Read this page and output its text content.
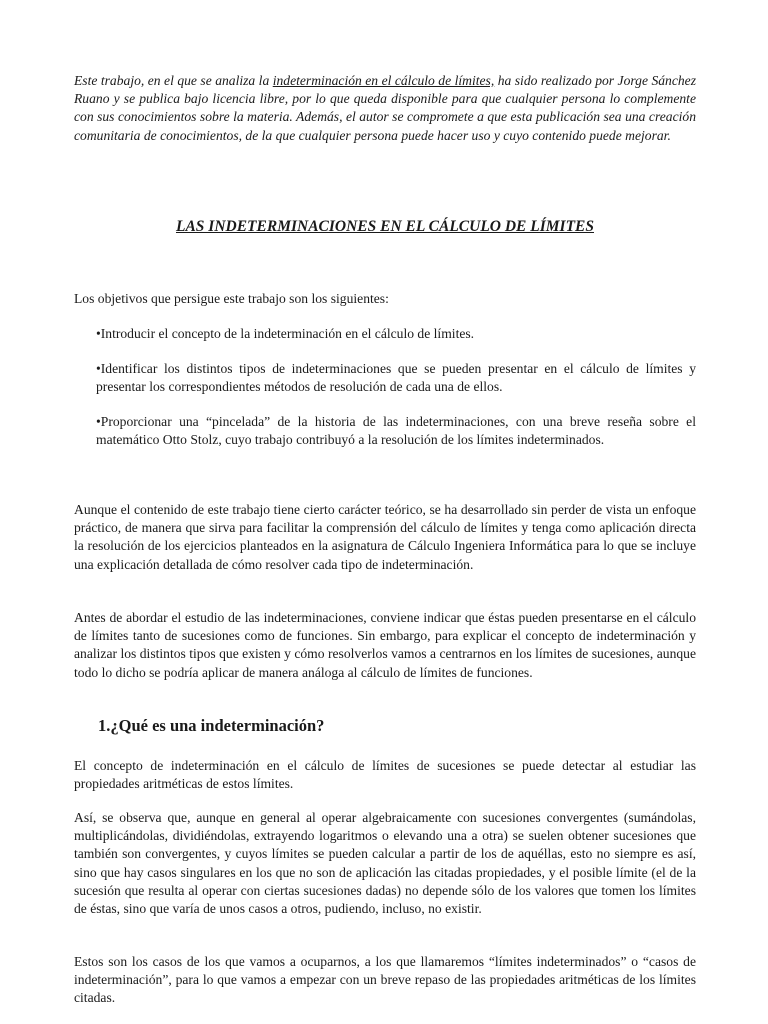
Este trabajo, en el que se analiza la indeterminación en el cálculo de límites, ha sido realizado por Jorge Sánchez Ruano y se publica bajo licencia libre, por lo que queda disponible para que cualquier persona lo complemente con sus conocimientos sobre la materia. Además, el autor se compromete a que esta publicación sea una creación comunitaria de conocimientos, de la que cualquier persona puede hacer uso y cuyo contenido puede mejorar.

LAS INDETERMINACIONES EN EL CÁLCULO DE LÍMITES

Los objetivos que persigue este trabajo son los siguientes:

•Introducir el concepto de la indeterminación en el cálculo de límites.

•Identificar los distintos tipos de indeterminaciones que se pueden presentar en el cálculo de límites y presentar los correspondientes métodos de resolución de cada una de ellos.

•Proporcionar una “pincelada” de la historia de las indeterminaciones, con una breve reseña sobre el matemático Otto Stolz, cuyo trabajo contribuyó a la resolución de los límites indeterminados.

Aunque el contenido de este trabajo tiene cierto carácter teórico, se ha desarrollado sin perder de vista un enfoque práctico, de manera que sirva para facilitar la comprensión del cálculo de límites y tenga como aplicación directa la resolución de los ejercicios planteados en la asignatura de Cálculo Ingeniera Informática para lo que se incluye una explicación detallada de cómo resolver cada tipo de indeterminación.

Antes de abordar el estudio de las indeterminaciones, conviene indicar que éstas pueden presentarse en el cálculo de límites tanto de sucesiones como de funciones. Sin embargo, para explicar el concepto de indeterminación y analizar los distintos tipos que existen y cómo resolverlos vamos a centrarnos en los límites de sucesiones, aunque todo lo dicho se podría aplicar de manera análoga al cálculo de límites de funciones.

1.¿Qué es una indeterminación?

El concepto de indeterminación en el cálculo de límites de sucesiones se puede detectar al estudiar las propiedades aritméticas de estos límites.

Así, se observa que, aunque en general al operar algebraicamente con sucesiones convergentes (sumándolas, multiplicándolas, dividiéndolas, extrayendo logaritmos o elevando una a otra) se suelen obtener sucesiones que también son convergentes, y cuyos límites se pueden calcular a partir de los de aquéllas, esto no siempre es así, sino que hay casos singulares en los que no son de aplicación las citadas propiedades, y el posible límite (el de la sucesión que resulta al operar con ciertas sucesiones dadas) no depende sólo de los valores que tomen los límites de éstas, sino que varía de unos casos a otros, pudiendo, incluso, no existir.

Estos son los casos de los que vamos a ocuparnos, a los que llamaremos “límites indeterminados” o “casos de indeterminación”, para lo que vamos a empezar con un breve repaso de las propiedades aritméticas de los límites citadas.
